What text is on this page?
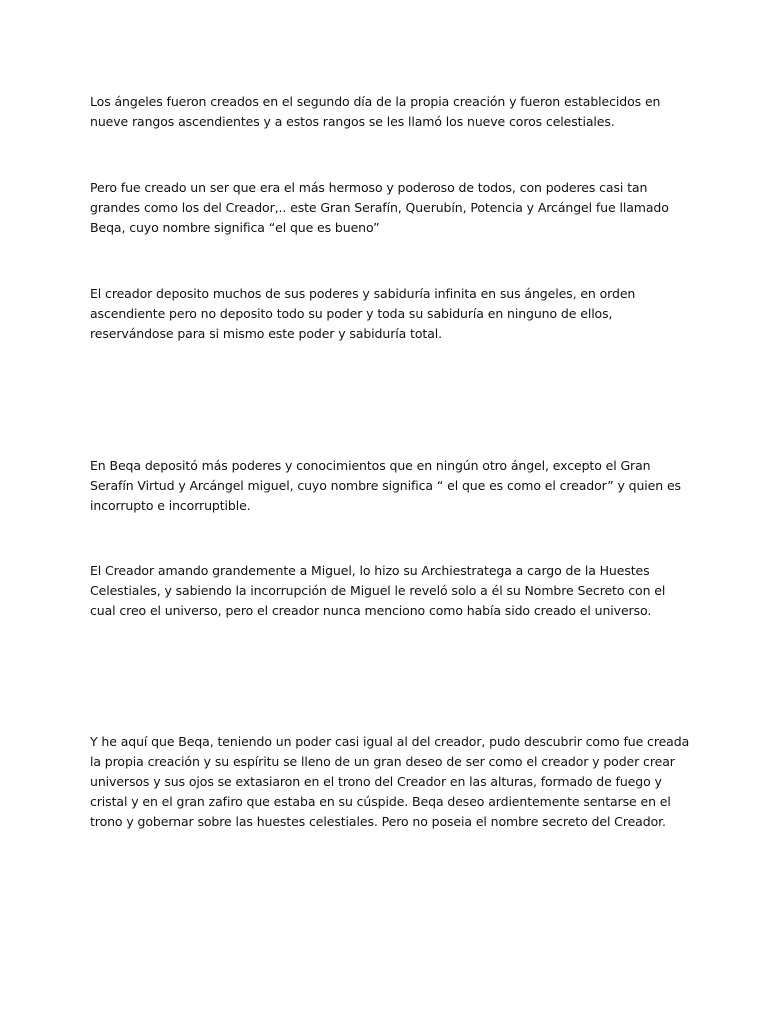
Los ángeles fueron creados en el segundo día de la propia creación y fueron establecidos en nueve rangos ascendientes y a estos rangos se les llamó los nueve coros celestiales.

Pero fue creado un ser que era el más hermoso y poderoso de todos, con poderes casi tan grandes como los del Creador,.. este Gran Serafín, Querubín, Potencia y Arcángel fue llamado Beqa, cuyo nombre significa “el que es bueno”

El creador deposito muchos de sus poderes y sabiduría infinita en sus ángeles, en orden ascendiente pero no deposito todo su poder y toda su sabiduría en ninguno de ellos, reservándose para si mismo este poder y sabiduría total.

En Beqa depositó más poderes y conocimientos que en ningún otro ángel, excepto el Gran Serafín Virtud y Arcángel miguel, cuyo nombre significa “ el que es como el creador” y quien es incorrupto e incorruptible.

El Creador amando grandemente a Miguel, lo hizo su Archiestratega a cargo de la Huestes Celestiales, y sabiendo la incorrupción de Miguel le reveló solo a él su Nombre Secreto con el cual creo el universo, pero el creador nunca menciono como había sido creado el universo.

Y he aquí que Beqa, teniendo un poder casi igual al del creador, pudo descubrir como fue creada la propia creación y su espíritu se lleno de un gran deseo de ser como el creador y poder crear universos y sus ojos se extasiaron en el trono del Creador en las alturas, formado de fuego y cristal y en el gran zafiro que estaba en su cúspide. Beqa deseo ardientemente sentarse en el trono y gobernar sobre las huestes celestiales. Pero no poseia el nombre secreto del Creador.
